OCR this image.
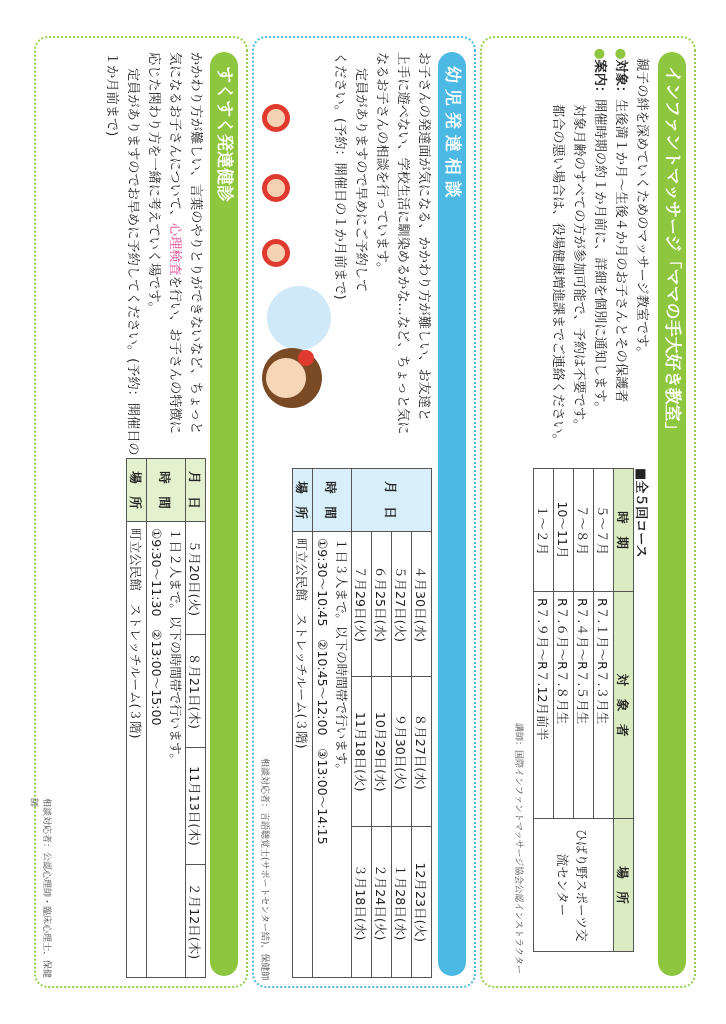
インファントマッサージ「ママの手大好き教室」
親子の絆を深めていくためのマッサージ教室です。
●対象：生後満１か月〜生後４か月のお子さんとその保護者
●案内：開催時期の約１か月前に、詳細を個別に通知します。
対象月齢のすべての方が参加可能で、予約は不要です。
都合の悪い場合は、役場健康増進課までご連絡ください。
■全５回コース
時　期	対　象　者	場　所
５〜７月	R７.１月〜R７.３月生	ひばり野スポーツ交流センター
７〜８月	R７.４月〜R７.５月生	
10〜11月	R７.６月〜R７.８月生	
１〜２月	R７.９月〜R７.12月前半	
講師：国際インファントマッサージ協会公認インストラクター
幼 児 発 達 相 談
お子さんの発達面が気になる、かかわり方が難しい、お友達と
上手に遊べない、学校生活に馴染めるかな…など、ちょっと気に
なるお子さんの相談を行っています。
定員がありますので早めにご予約して
ください。(予約：開催日の１か月前まで)
月　日	４月30日(水)	８月27日(水)	12月23日(火)
	５月27日(火)	９月30日(火)	１月28日(水)
	６月25日(水)	10月29日(水)	２月24日(火)
	７月29日(火)	11月18日(火)	３月18日(水)
時　間	１日３人まで。以下の時間帯で行います。
①9:30〜10:45　②10:45〜12:00　③13:00〜14:15		
場　所	町立公民館　ストレッチルーム(３階)		
相談対応者：言語聴覚士(サポートセンター結)、保健師
すくすく発達健診
かかわり方が難しい、言葉のやりとりができないなど、ちょっと
気になるお子さんについて、心理検査を行い、お子さんの特徴に
応じた関わり方を一緒に考えていく場です。
定員がありますのでお早めに予約してください。(予約：開催日の
１か月前まで)
月　日	５月20日(火)	８月21日(木)	11月13日(木)	２月12日(木)
時　間	１日２人まで。以下の時間帯で行います。
①9:30〜11:30　②13:00〜15:00			
場　所	町立公民館　ストレッチルーム(３階)			
相談対応者：公認心理師・臨床心理士、保健師
